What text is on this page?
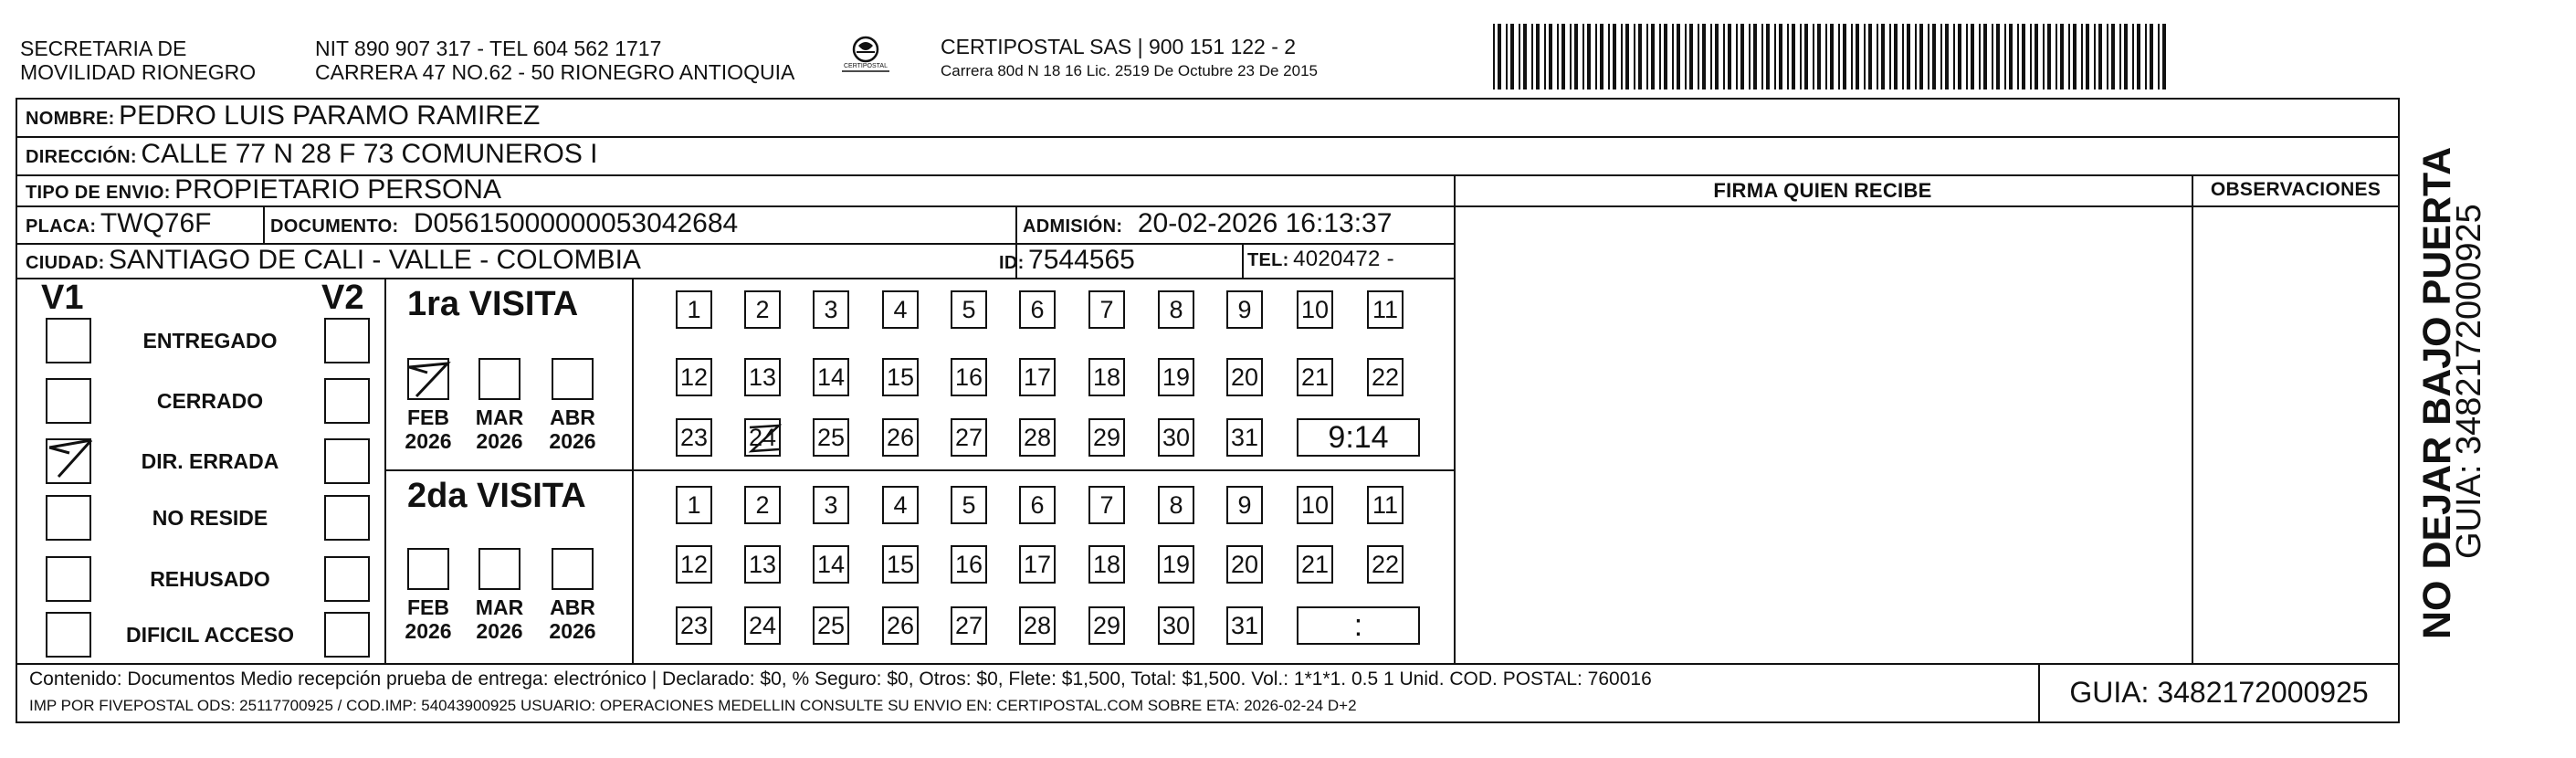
SECRETARIA DE
MOVILIDAD RIONEGRO
NIT 890 907 317 - TEL 604 562 1717
CARRERA 47 NO.62 - 50 RIONEGRO ANTIOQUIA	CERTIPOSTAL
CERTIPOSTAL SAS | 900 151 122 - 2
Carrera 80d N 18 16 Lic. 2519 De Octubre 23 De 2015
NOMBRE: PEDRO LUIS PARAMO RAMIREZ
DIRECCIÓN: CALLE 77 N 28 F 73 COMUNEROS I
TIPO DE ENVIO: PROPIETARIO PERSONA
PLACA: TWQ76F	DOCUMENTO: D05615000000053042684	ADMISIÓN: 20-02-2026 16:13:37
CIUDAD: SANTIAGO DE CALI - VALLE - COLOMBIA	ID: 7544565	TEL: 4020472 -
FIRMA QUIEN RECIBE	OBSERVACIONES
V1	V2
ENTREGADO
CERRADO
DIR. ERRADA
NO RESIDE
REHUSADO
DIFICIL ACCESO
1ra VISITA
2da VISITA
FEB
2026
MAR
2026
ABR
2026
FEB
2026
MAR
2026
ABR
2026
1	2	3	4	5	6	7	8	9	10 11
12 13 14 15 16 17 18 19 20 21 22
23 24 25 26 27 28 29 30 31	9:14
1	2	3	4	5	6	7	8	9	10 11
12 13 14 15 16 17 18 19 20 21 22
23 24 25 26 27 28 29 30 31	:
Contenido: Documentos Medio recepción prueba de entrega: electrónico | Declarado: $0, % Seguro: $0, Otros: $0, Flete: $1,500, Total: $1,500. Vol.: 1*1*1. 0.5 1 Unid. COD. POSTAL: 760016
IMP POR FIVEPOSTAL ODS: 25117700925 / COD.IMP: 54043900925 USUARIO: OPERACIONES MEDELLIN CONSULTE SU ENVIO EN: CERTIPOSTAL.COM SOBRE ETA: 2026-02-24 D+2	GUIA: 3482172000925
NO DEJAR BAJO PUERTA
GUIA: 3482172000925
